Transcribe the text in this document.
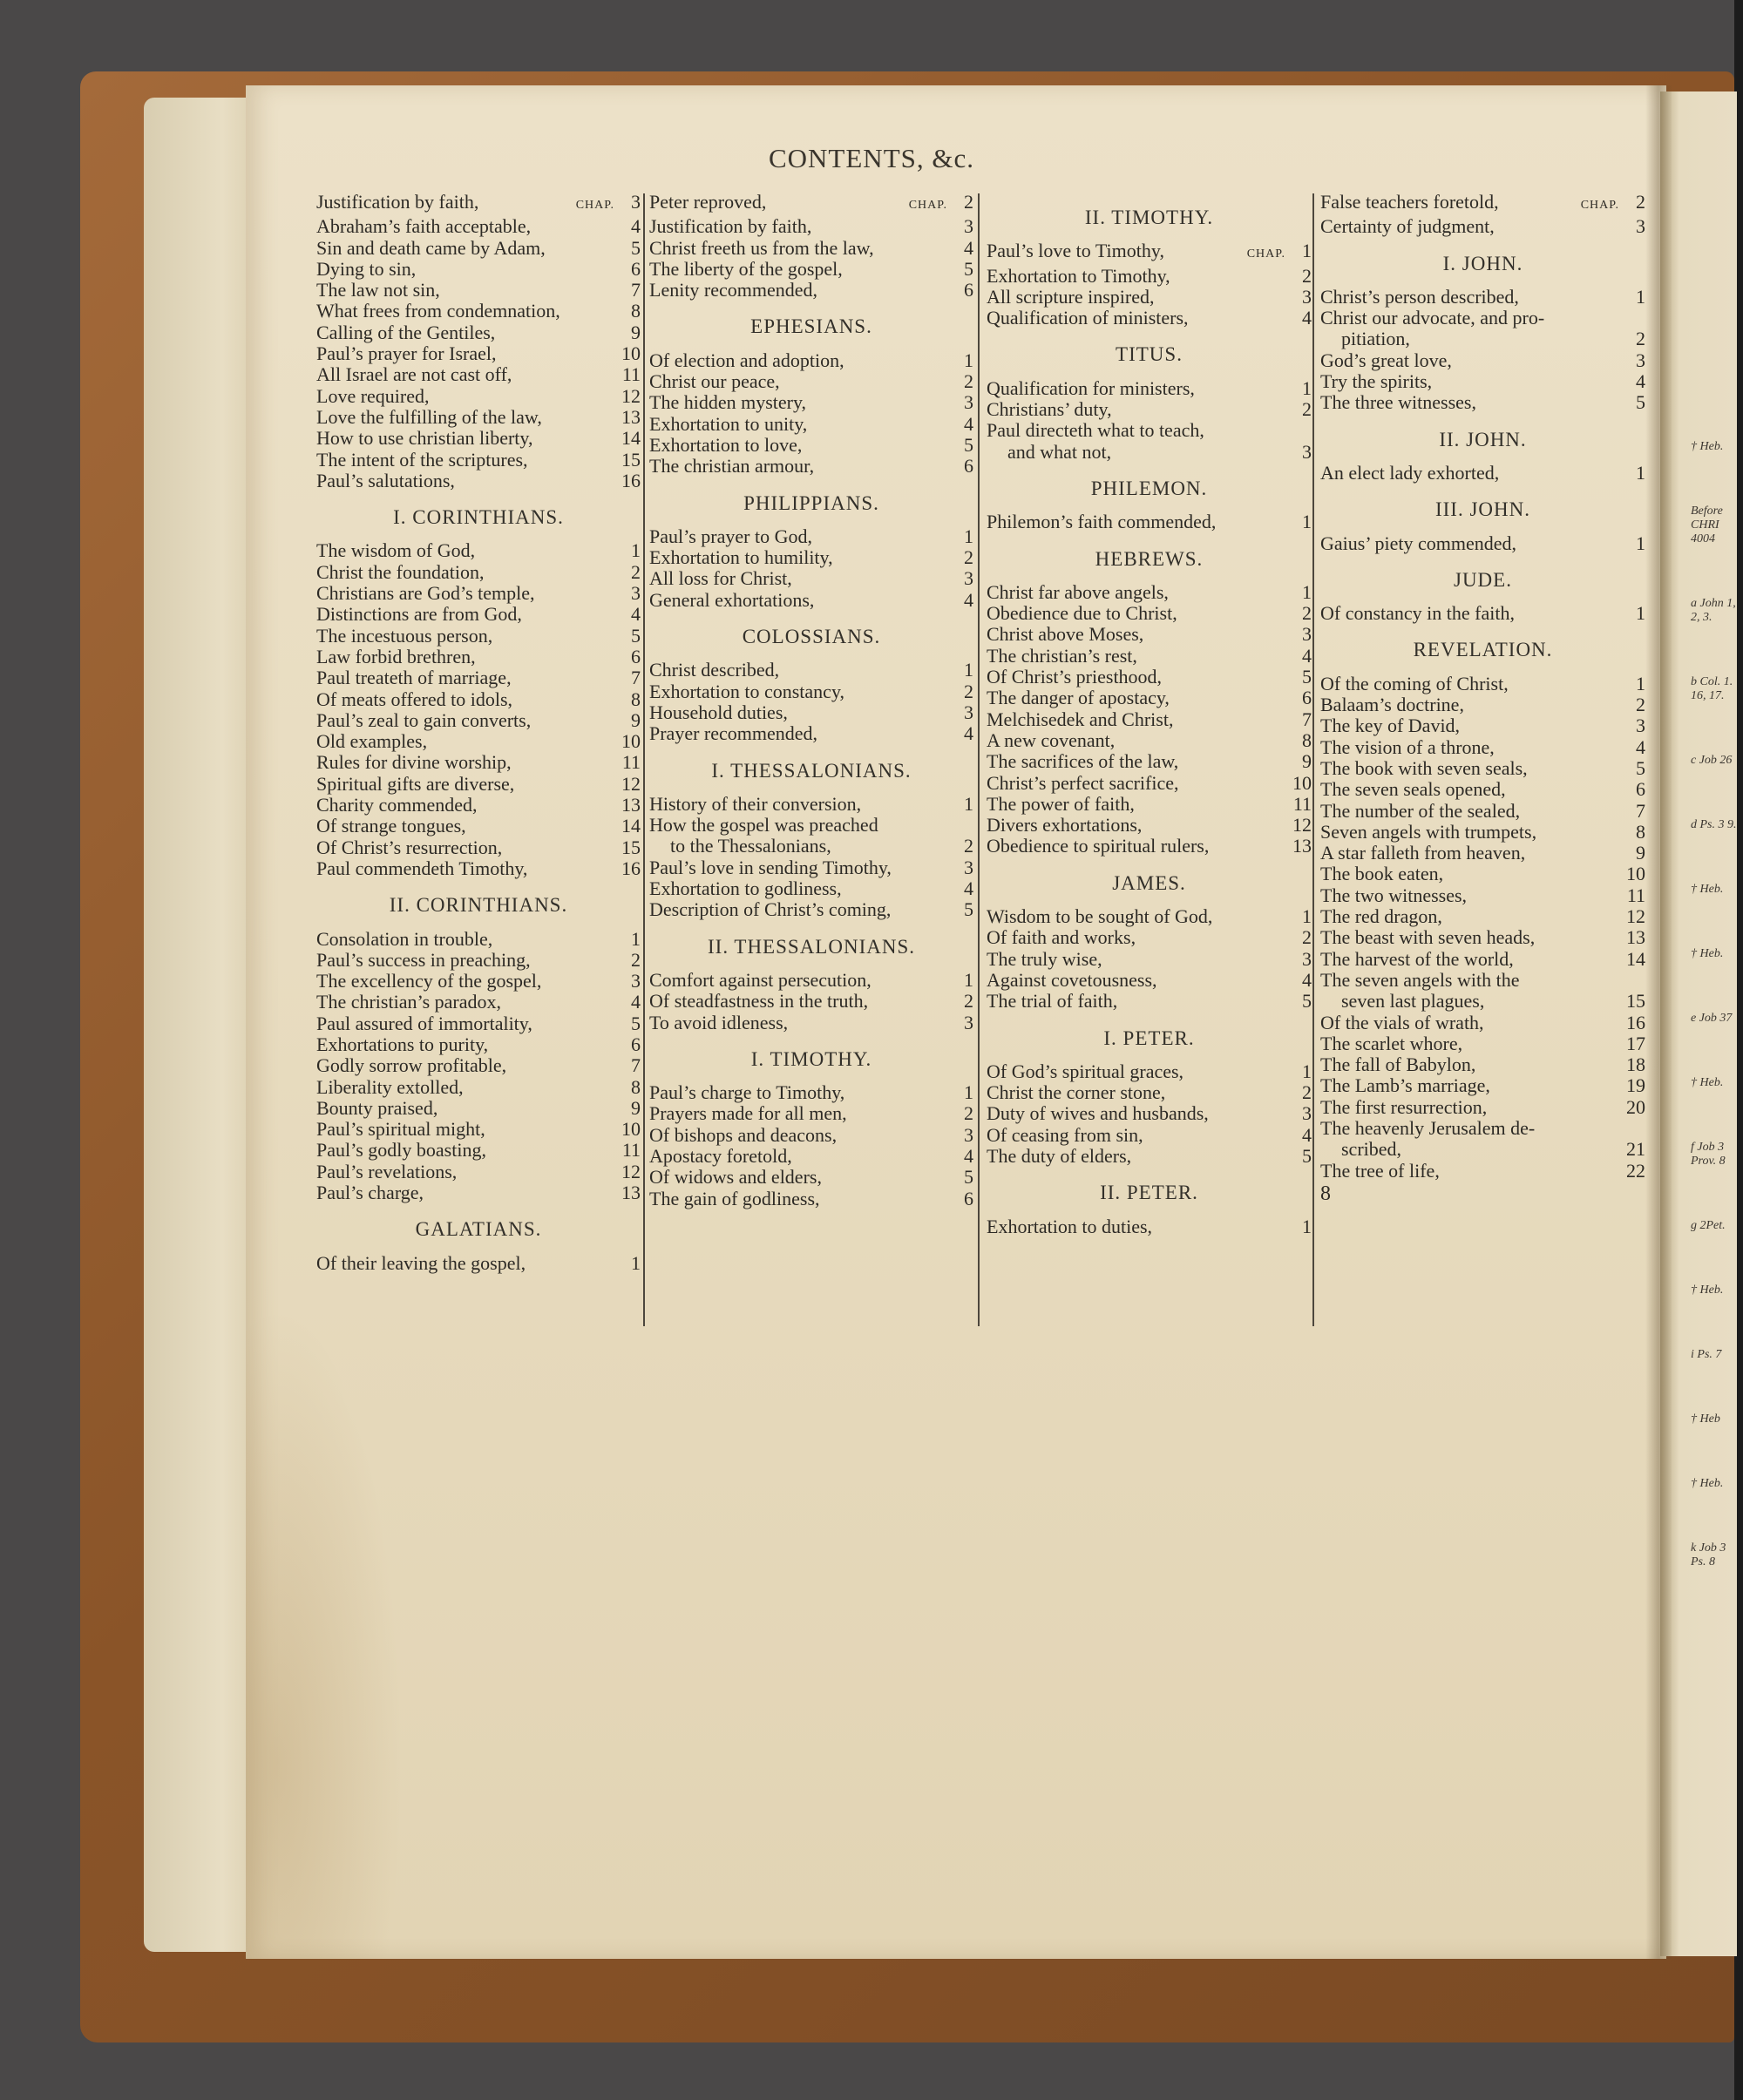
CONTENTS, &c.
Justification by faith,	CHAP. 3
Abraham’s faith acceptable,	4
Sin and death came by Adam,	5
Dying to sin,	6
The law not sin,	7
What frees from condemnation,	8
Calling of the Gentiles,	9
Paul’s prayer for Israel,	10
All Israel are not cast off,	11
Love required,	12
Love the fulfilling of the law,	13
How to use christian liberty,	14
The intent of the scriptures,	15
Paul’s salutations,	16
I. CORINTHIANS.
The wisdom of God,	1
Christ the foundation,	2
Christians are God’s temple,	3
Distinctions are from God,	4
The incestuous person,	5
Law forbid brethren,	6
Paul treateth of marriage,	7
Of meats offered to idols,	8
Paul’s zeal to gain converts,	9
Old examples,	10
Rules for divine worship,	11
Spiritual gifts are diverse,	12
Charity commended,	13
Of strange tongues,	14
Of Christ’s resurrection,	15
Paul commendeth Timothy,	16
II. CORINTHIANS.
Consolation in trouble,	1
Paul’s success in preaching,	2
The excellency of the gospel,	3
The christian’s paradox,	4
Paul assured of immortality,	5
Exhortations to purity,	6
Godly sorrow profitable,	7
Liberality extolled,	8
Bounty praised,	9
Paul’s spiritual might,	10
Paul’s godly boasting,	11
Paul’s revelations,	12
Paul’s charge,	13
GALATIANS.
Of their leaving the gospel,	1
Peter reproved,	CHAP. 2
Justification by faith,	3
Christ freeth us from the law,	4
The liberty of the gospel,	5
Lenity recommended,	6
EPHESIANS.
Of election and adoption,	1
Christ our peace,	2
The hidden mystery,	3
Exhortation to unity,	4
Exhortation to love,	5
The christian armour,	6
PHILIPPIANS.
Paul’s prayer to God,	1
Exhortation to humility,	2
All loss for Christ,	3
General exhortations,	4
COLOSSIANS.
Christ described,	1
Exhortation to constancy,	2
Household duties,	3
Prayer recommended,	4
I. THESSALONIANS.
History of their conversion,	1
How the gospel was preached
to the Thessalonians,	2
Paul’s love in sending Timothy,	3
Exhortation to godliness,	4
Description of Christ’s coming,	5
II. THESSALONIANS.
Comfort against persecution,	1
Of steadfastness in the truth,	2
To avoid idleness,	3
I. TIMOTHY.
Paul’s charge to Timothy,	1
Prayers made for all men,	2
Of bishops and deacons,	3
Apostacy foretold,	4
Of widows and elders,	5
The gain of godliness,	6
II. TIMOTHY.
Paul’s love to Timothy,	CHAP. 1
Exhortation to Timothy,	2
All scripture inspired,	3
Qualification of ministers,	4
TITUS.
Qualification for ministers,	1
Christians’ duty,	2
Paul directeth what to teach,
and what not,	3
PHILEMON.
Philemon’s faith commended,	1
HEBREWS.
Christ far above angels,	1
Obedience due to Christ,	2
Christ above Moses,	3
The christian’s rest,	4
Of Christ’s priesthood,	5
The danger of apostacy,	6
Melchisedek and Christ,	7
A new covenant,	8
The sacrifices of the law,	9
Christ’s perfect sacrifice,	10
The power of faith,	11
Divers exhortations,	12
Obedience to spiritual rulers,	13
JAMES.
Wisdom to be sought of God,	1
Of faith and works,	2
The truly wise,	3
Against covetousness,	4
The trial of faith,	5
I. PETER.
Of God’s spiritual graces,	1
Christ the corner stone,	2
Duty of wives and husbands,	3
Of ceasing from sin,	4
The duty of elders,	5
II. PETER.
Exhortation to duties,	1
False teachers foretold,	CHAP. 2
Certainty of judgment,	3
I. JOHN.
Christ’s person described,	1
Christ our advocate, and pro-
pitiation,	2
God’s great love,	3
Try the spirits,	4
The three witnesses,	5
II. JOHN.
An elect lady exhorted,	1
III. JOHN.
Gaius’ piety commended,	1
JUDE.
Of constancy in the faith,	1
REVELATION.
Of the coming of Christ,	1
Balaam’s doctrine,	2
The key of David,	3
The vision of a throne,	4
The book with seven seals,	5
The seven seals opened,	6
The number of the sealed,	7
Seven angels with trumpets,	8
A star falleth from heaven,	9
The book eaten,	10
The two witnesses,	11
The red dragon,	12
The beast with seven heads,	13
The harvest of the world,	14
The seven angels with the
seven last plagues,	15
Of the vials of wrath,	16
The scarlet whore,	17
The fall of Babylon,	18
The Lamb’s marriage,	19
The first resurrection,	20
The heavenly Jerusalem de-
scribed,	21
The tree of life,	22
8
† Heb.
Before CHRI 4004
a John 1, 2, 3.
b Col. 1. 16, 17.
c Job 26
d Ps. 3 9.
† Heb.
† Heb.
e Job 37
† Heb.
f Job 3 Prov. 8
g 2Pet.
† Heb.
i Ps. 7
† Heb
† Heb.
k Job 3 Ps. 8
